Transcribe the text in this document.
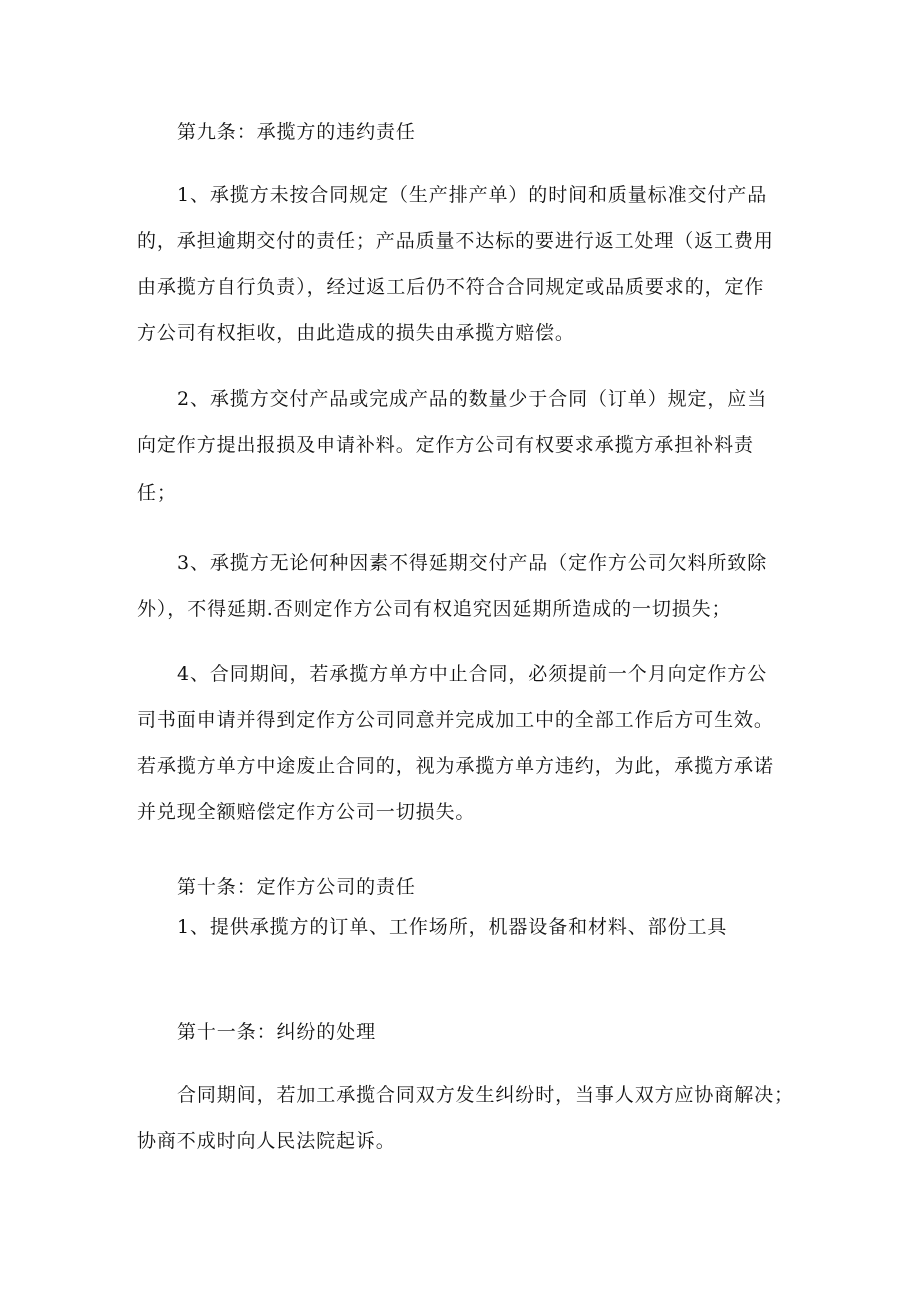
第九条：承揽方的违约责任
1、承揽方未按合同规定（生产排产单）的时间和质量标准交付产品
的，承担逾期交付的责任；产品质量不达标的要进行返工处理（返工费用
由承揽方自行负责），经过返工后仍不符合合同规定或品质要求的，定作
方公司有权拒收，由此造成的损失由承揽方赔偿。
2、承揽方交付产品或完成产品的数量少于合同（订单）规定，应当
向定作方提出报损及申请补料。定作方公司有权要求承揽方承担补料责
任；
3、承揽方无论何种因素不得延期交付产品（定作方公司欠料所致除
外），不得延期.否则定作方公司有权追究因延期所造成的一切损失；
4、合同期间，若承揽方单方中止合同，必须提前一个月向定作方公
司书面申请并得到定作方公司同意并完成加工中的全部工作后方可生效。
若承揽方单方中途废止合同的，视为承揽方单方违约，为此，承揽方承诺
并兑现全额赔偿定作方公司一切损失。
第十条：定作方公司的责任
1、提供承揽方的订单、工作场所，机器设备和材料、部份工具
第十一条：纠纷的处理
合同期间，若加工承揽合同双方发生纠纷时，当事人双方应协商解决；
协商不成时向人民法院起诉。
